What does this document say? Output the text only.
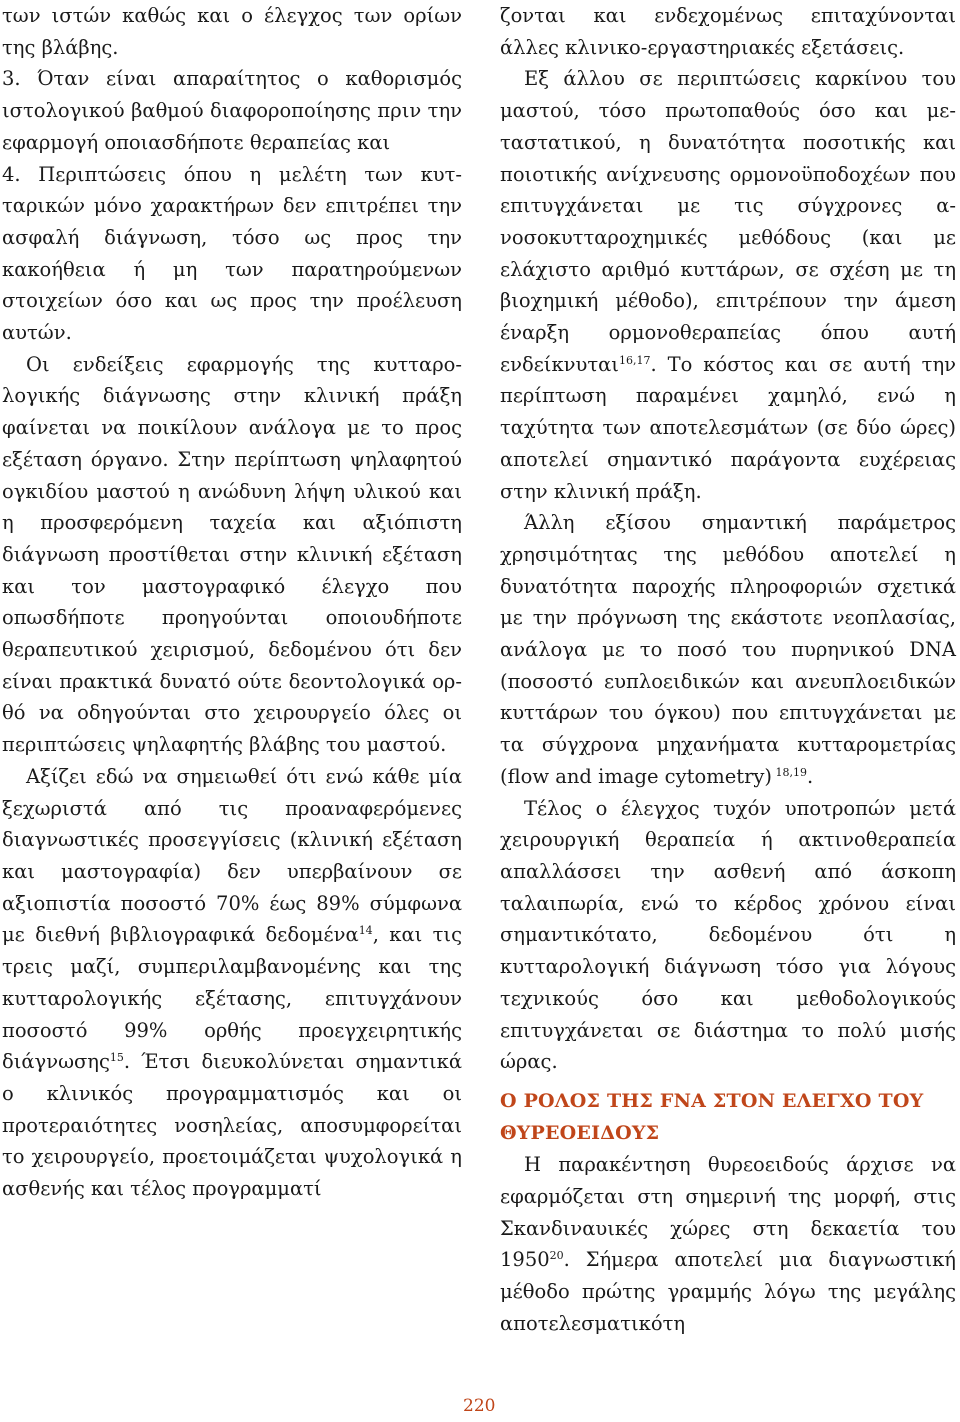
των ιστών καθώς και ο έλεγχος των ορίων της βλάβης.

3. Όταν είναι απαραίτητος ο καθορισμός ιστολογικού βαθμού διαφοροποίησης πριν την εφαρμογή οποιασδήποτε θεραπείας και

4. Περιπτώσεις όπου η μελέτη των κυτταρικών μόνο χαρακτήρων δεν επιτρέπει την ασφαλή διάγνωση, τόσο ως προς την κακοήθεια ή μη των παρατηρούμενων στοιχείων όσο και ως προς την προέλευση αυτών.

Οι ενδείξεις εφαρμογής της κυτταρολογικής διάγνωσης στην κλινική πράξη φαίνεται να ποικίλουν ανάλογα με το προς εξέταση όργανο. Στην περίπτωση ψηλαφητού ογκιδίου μαστού η ανώδυνη λήψη υλικού και η προσφερόμενη ταχεία και αξιόπιστη διάγνωση προστίθεται στην κλινική εξέταση και τον μαστογραφικό έλεγχο που οπωσδήποτε προηγούνται οποιουδήποτε θεραπευτικού χειρισμού, δεδομένου ότι δεν είναι πρακτικά δυνατό ούτε δεοντολογικά ορθό να οδηγούνται στο χειρουργείο όλες οι περιπτώσεις ψηλαφητής βλάβης του μαστού.

Αξίζει εδώ να σημειωθεί ότι ενώ κάθε μία ξεχωριστά από τις προαναφερόμενες διαγνωστικές προσεγγίσεις (κλινική εξέταση και μαστογραφία) δεν υπερβαίνουν σε αξιοπιστία ποσοστό 70% έως 89% σύμφωνα με διεθνή βιβλιογραφικά δεδομένα$^{14}$, και τις τρεις μαζί, συμπεριλαμβανομένης και της κυτταρολογικής εξέτασης, επιτυγχάνουν ποσοστό 99% ορθής προεγχειρητικής διάγνωσης$^{15}$. Έτσι διευκολύνεται σημαντικά ο κλινικός προγραμματισμός και οι προτεραιότητες νοσηλείας, αποσυμφορείται το χειρουργείο, προετοιμάζεται ψυχολογικά η ασθενής και τέλος προγραμματί

ζονται και ενδεχομένως επιταχύνονται άλλες κλινικο-εργαστηριακές εξετάσεις.

Εξ άλλου σε περιπτώσεις καρκίνου του μαστού, τόσο πρωτοπαθούς όσο και μεταστατικού, η δυνατότητα ποσοτικής και ποιοτικής ανίχνευσης ορμονοϋποδοχέων που επιτυγχάνεται με τις σύγχρονες ανοσοκυτταροχημικές μεθόδους (και με ελάχιστο αριθμό κυττάρων, σε σχέση με τη βιοχημική μέθοδο), επιτρέπουν την άμεση έναρξη ορμονοθεραπείας όπου αυτή ενδείκνυται$^{16,17}$. Το κόστος και σε αυτή την περίπτωση παραμένει χαμηλό, ενώ η ταχύτητα των αποτελεσμάτων (σε δύο ώρες) αποτελεί σημαντικό παράγοντα ευχέρειας στην κλινική πράξη.

Άλλη εξίσου σημαντική παράμετρος χρησιμότητας της μεθόδου αποτελεί η δυνατότητα παροχής πληροφοριών σχετικά με την πρόγνωση της εκάστοτε νεοπλασίας, ανάλογα με το ποσό του πυρηνικού DNA (ποσοστό ευπλοειδικών και ανευπλοειδικών κυττάρων του όγκου) που επιτυγχάνεται με τα σύγχρονα μηχανήματα κυτταρομετρίας (flow and image cytometry) $^{18,19}$.

Τέλος ο έλεγχος τυχόν υποτροπών μετά χειρουργική θεραπεία ή ακτινοθεραπεία απαλλάσσει την ασθενή από άσκοπη ταλαιπωρία, ενώ το κέρδος χρόνου είναι σημαντικότατο, δεδομένου ότι η κυτταρολογική διάγνωση τόσο για λόγους τεχνικούς όσο και μεθοδολογικούς επιτυγχάνεται σε διάστημα το πολύ μισής ώρας.

Ο ΡΟΛΟΣ ΤΗΣ FNA ΣΤΟΝ ΕΛΕΓΧΟ ΤΟΥ ΘΥΡΕΟΕΙΔΟΥΣ

Η παρακέντηση θυρεοειδούς άρχισε να εφαρμόζεται στη σημερινή της μορφή, στις Σκανδιναυικές χώρες στη δεκαετία του 1950$^{20}$. Σήμερα αποτελεί μια διαγνωστική μέθοδο πρώτης γραμμής λόγω της μεγάλης αποτελεσματικότη

220
